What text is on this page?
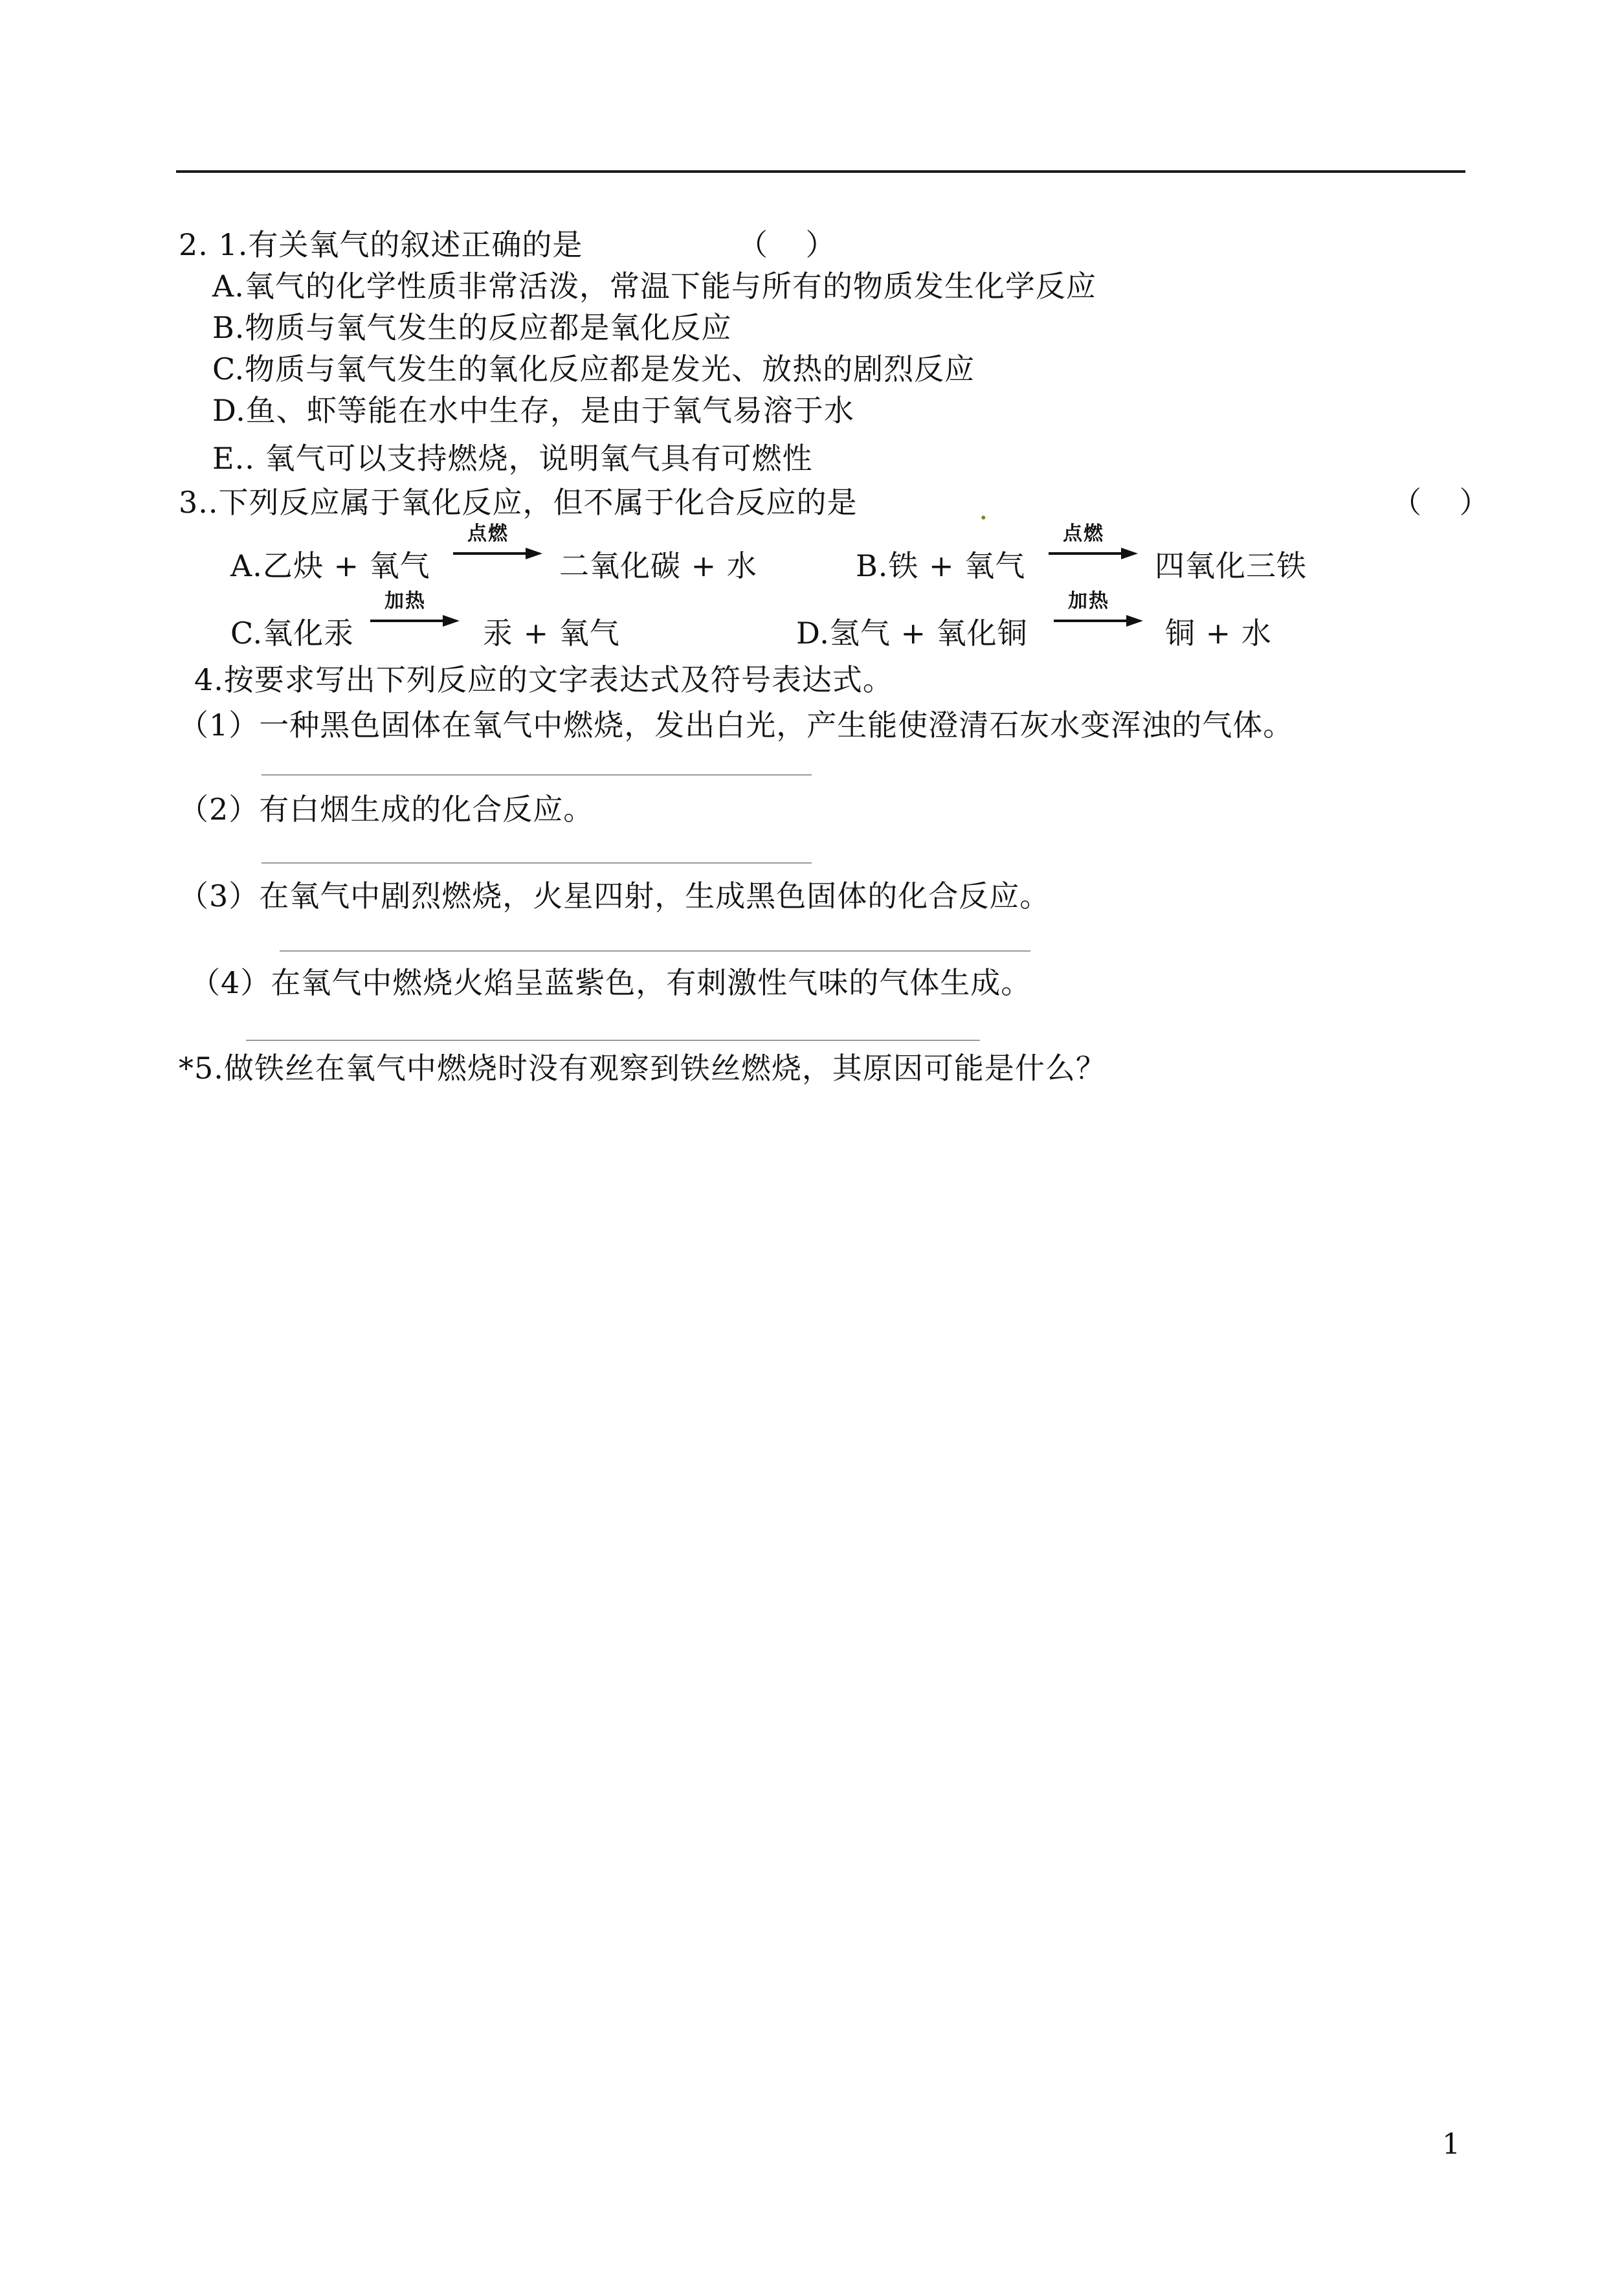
2. 1.有关氧气的叙述正确的是	（    ）
A.氧气的化学性质非常活泼，常温下能与所有的物质发生化学反应
B.物质与氧气发生的反应都是氧化反应
C.物质与氧气发生的氧化反应都是发光、放热的剧烈反应
D.鱼、虾等能在水中生存，是由于氧气易溶于水
E.. 氧气可以支持燃烧，说明氧气具有可燃性
3..下列反应属于氧化反应，但不属于化合反应的是	.	（    ）
A.乙炔 + 氧气
点燃
二氧化碳 + 水	B.铁 + 氧气
点燃
四氧化三铁
C.氧化汞
加热
汞 + 氧气	D.氢气 + 氧化铜
加热
铜 + 水
4.按要求写出下列反应的文字表达式及符号表达式。
（1）一种黑色固体在氧气中燃烧，发出白光，产生能使澄清石灰水变浑浊的气体。
（2）有白烟生成的化合反应。
（3）在氧气中剧烈燃烧，火星四射，生成黑色固体的化合反应。
（4）在氧气中燃烧火焰呈蓝紫色，有刺激性气味的气体生成。
*5.做铁丝在氧气中燃烧时没有观察到铁丝燃烧，其原因可能是什么？
1
